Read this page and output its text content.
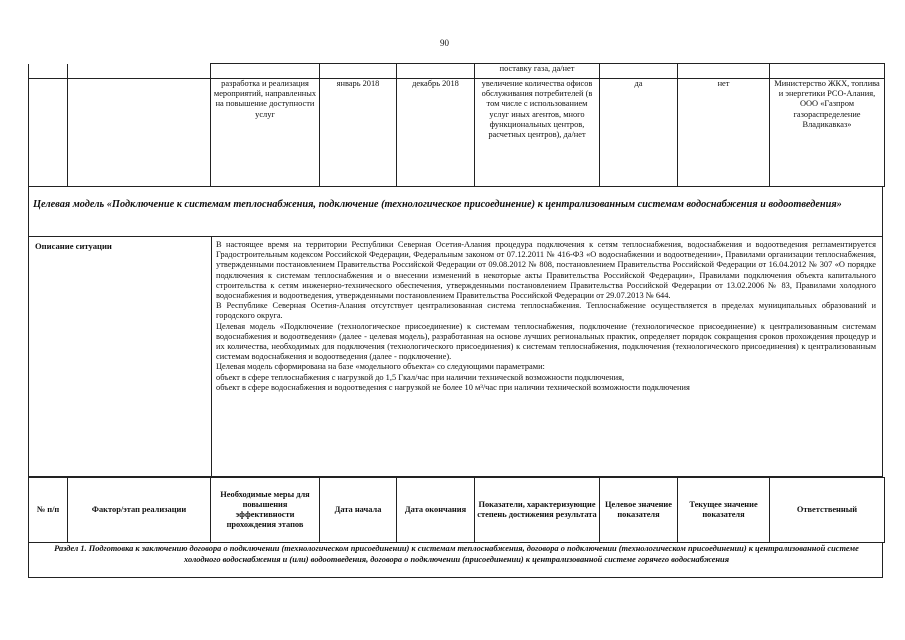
90
					поставку газа, да/нет			
		разработка и реализация мероприятий, направленных на повышение доступности услуг	январь 2018	декабрь 2018	увеличение количества офисов обслуживания потребителей (в том числе с использованием услуг иных агентов, много функциональных центров, расчетных центров), да/нет	да	нет	Министерство ЖКХ, топлива и энергетики РСО-Алания, ООО «Газпром газораспределение Владикавказ»
Целевая модель «Подключение к системам теплоснабжения, подключение (технологическое присоединение) к централизованным системам водоснабжения и водоотведения»
Описание ситуации	В настоящее время на территории Республики Северная Осетия-Алания процедура подключения к сетям теплоснабжения, водоснабжения и водоотведения регламентируется Градостроительным кодексом Российской Федерации, Федеральным законом от 07.12.2011 № 416-ФЗ «О водоснабжении и водоотведении», Правилами организации теплоснабжения, утвержденными постановлением Правительства Российской Федерации от 09.08.2012 № 808, постановлением Правительства Российской Федерации от 16.04.2012 № 307 «О порядке подключения к системам теплоснабжения и о внесении изменений в некоторые акты Правительства Российской Федерации», Правилами подключения объекта капитального строительства к сетям инженерно-технического обеспечения, утвержденными постановлением Правительства Российской Федерации от 13.02.2006 № 83, Правилами холодного водоснабжения и водоотведения, утвержденными постановлением Правительства Российской Федерации от 29.07.2013 № 644.

В Республике Северная Осетия-Алания отсутствует централизованная система теплоснабжения. Теплоснабжение осуществляется в пределах муниципальных образований и городского округа.

Целевая модель «Подключение (технологическое присоединение) к системам теплоснабжения, подключение (технологическое присоединение) к централизованным системам водоснабжения и водоотведения» (далее - целевая модель), разработанная на основе лучших региональных практик, определяет порядок сокращения сроков прохождения процедур и их количества, необходимых для подключения (технологического присоединения) к системам теплоснабжения, подключения (технологического присоединения) к централизованным системам водоснабжения и водоотведения (далее - подключение).

Целевая модель сформирована на базе «модельного объекта» со следующими параметрами:

объект в сфере теплоснабжения с нагрузкой до 1,5 Гкал/час при наличии технической возможности подключения,

объект в сфере водоснабжения и водоотведения с нагрузкой не более 10 м³/час при наличии технической возможности подключения

№ п/п	Фактор/этап реализации	Необходимые меры для повышения эффективности прохождения этапов	Дата начала	Дата окончания	Показатели, характеризующие степень достижения результата	Целевое значение показателя	Текущее значение показателя	Ответственный
Раздел 1. Подготовка к заключению договора о подключении (технологическом присоединении) к системам теплоснабжения, договора о подключении (технологическом присоединении) к централизованной системе холодного водоснабжения и (или) водоотведения, договора о подключении (присоединении) к централизованной системе горячего водоснабжения
